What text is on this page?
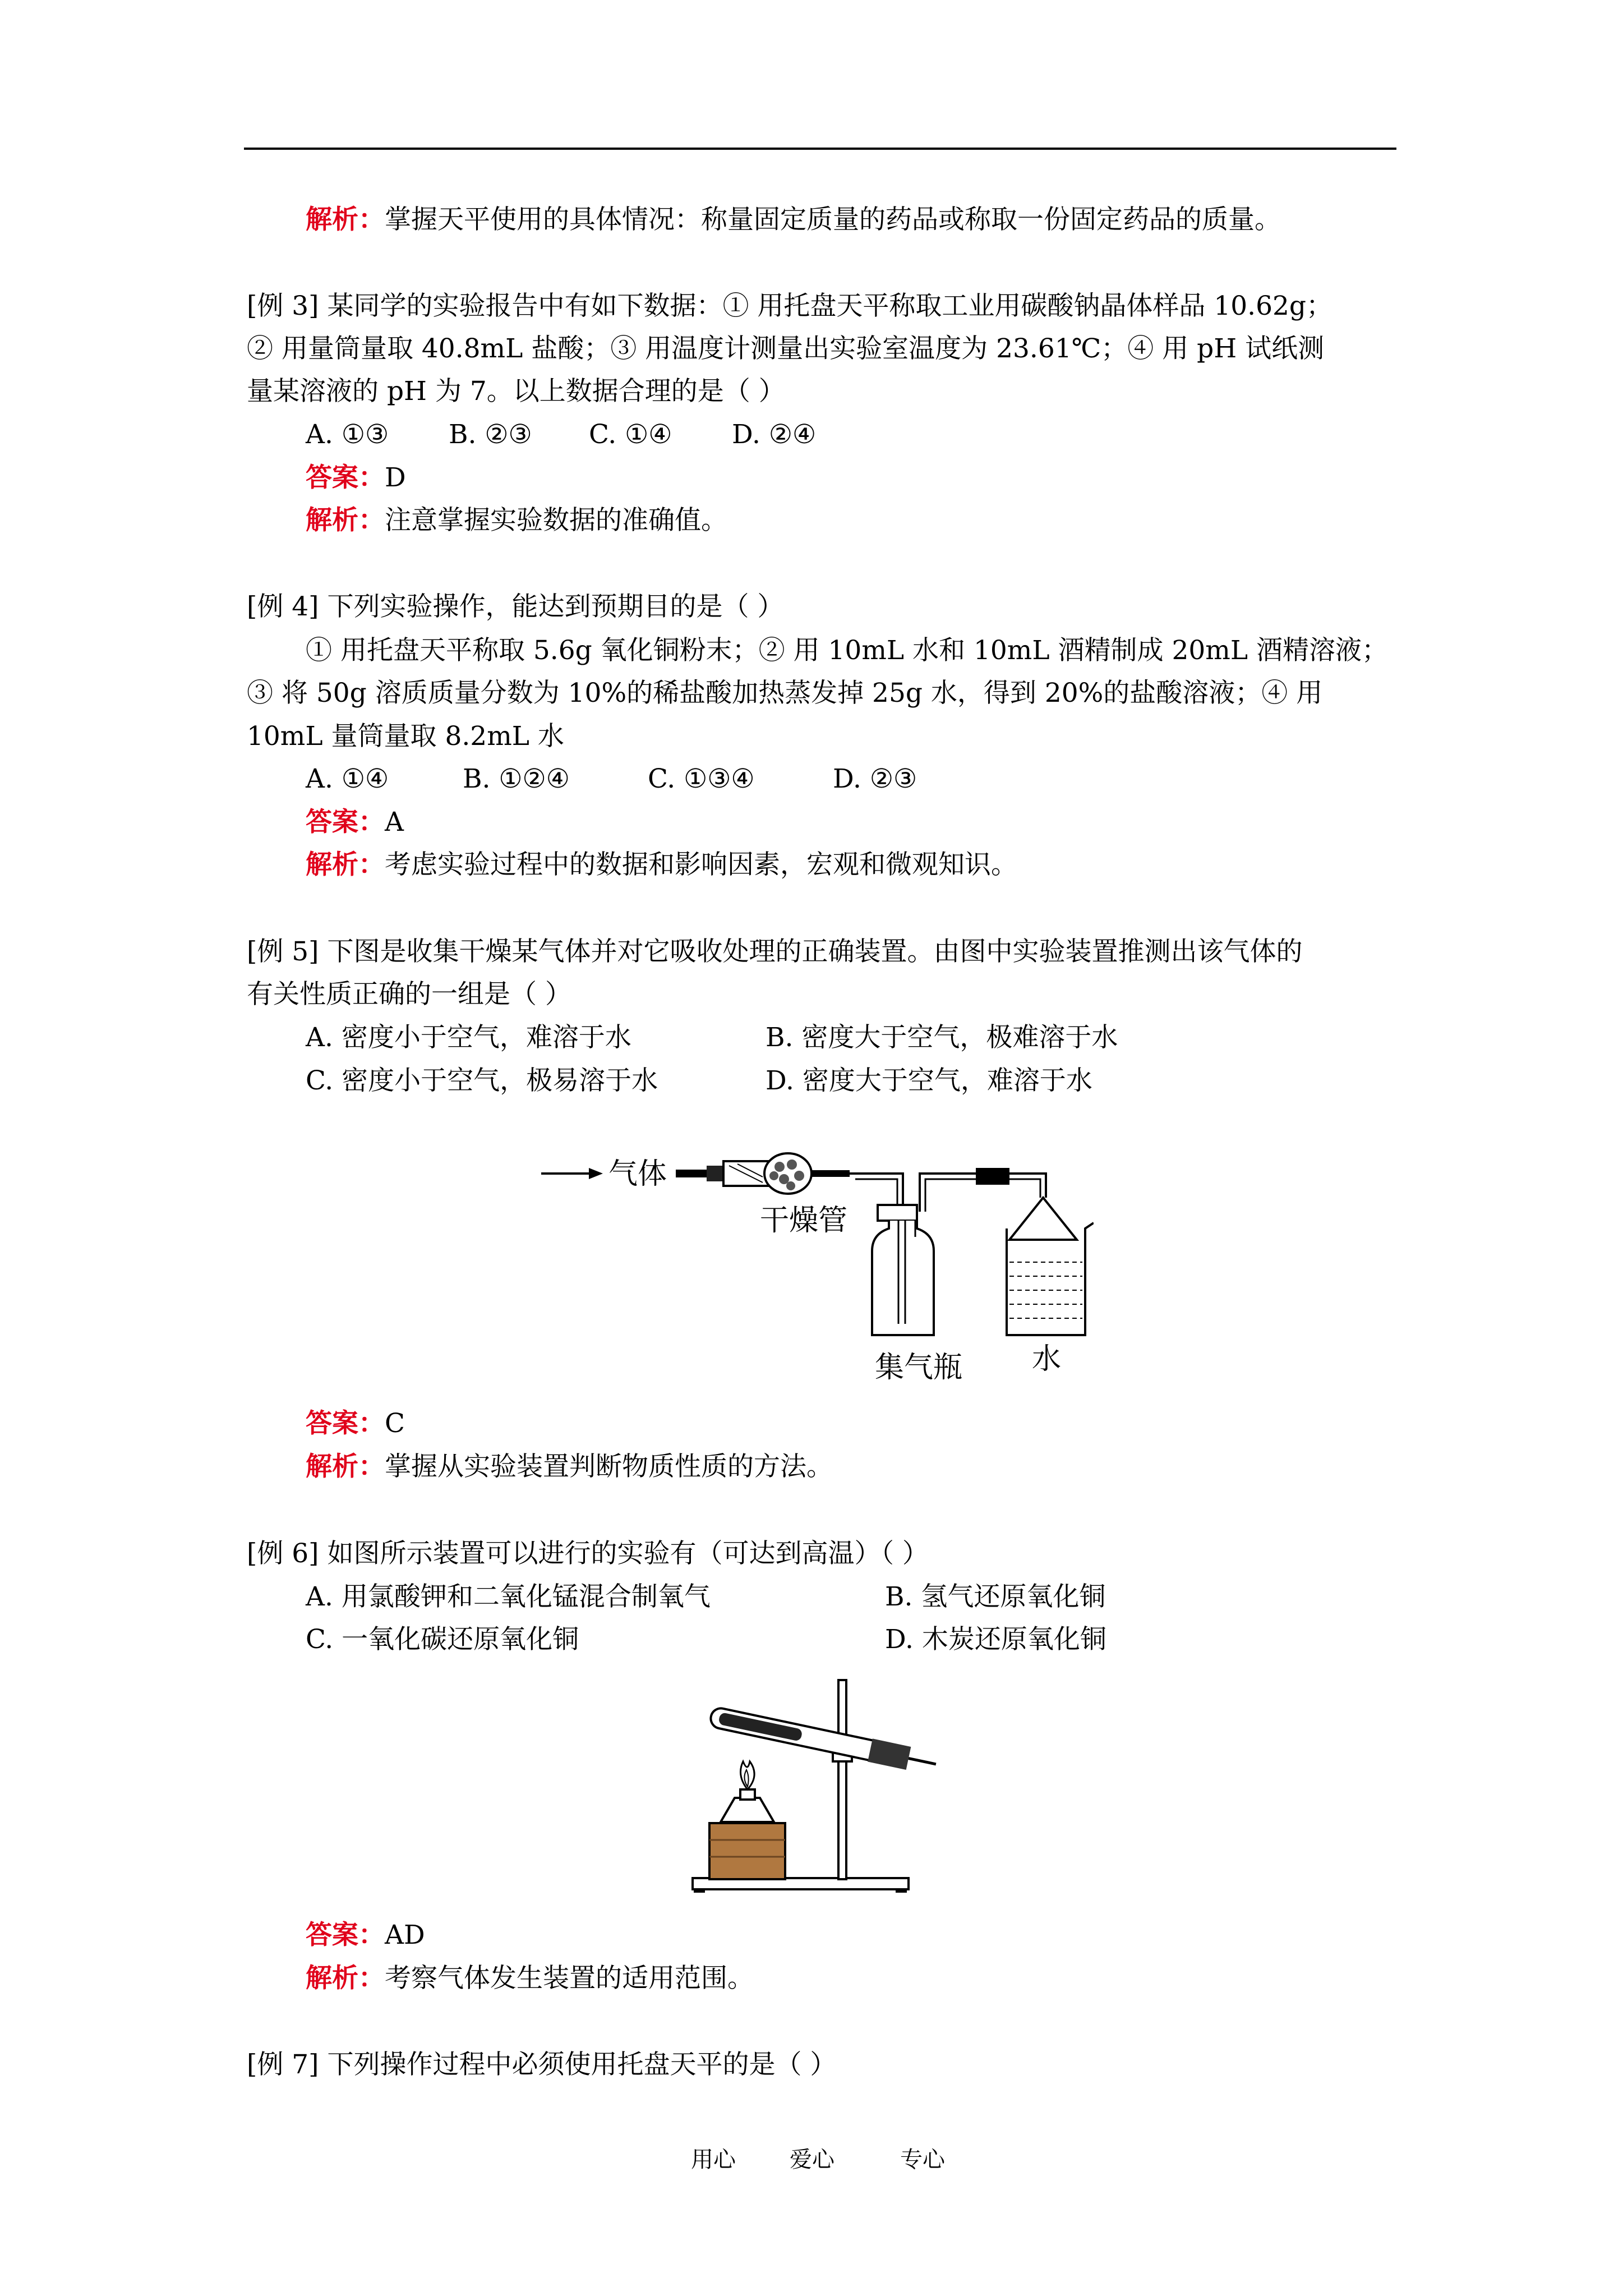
解析：掌握天平使用的具体情况：称量固定质量的药品或称取一份固定药品的质量。
[例 3] 某同学的实验报告中有如下数据：① 用托盘天平称取工业用碳酸钠晶体样品 10.62g；
② 用量筒量取 40.8mL 盐酸；③ 用温度计测量出实验室温度为 23.61℃；④ 用 pH 试纸测
量某溶液的 pH 为 7。以上数据合理的是（ ）
A. ①③ B. ②③ C. ①④ D. ②④
答案：D
解析：注意掌握实验数据的准确值。
[例 4] 下列实验操作，能达到预期目的是（ ）
① 用托盘天平称取 5.6g 氧化铜粉末；② 用 10mL 水和 10mL 酒精制成 20mL 酒精溶液；
③ 将 50g 溶质质量分数为 10%的稀盐酸加热蒸发掉 25g 水，得到 20%的盐酸溶液；④ 用
10mL 量筒量取 8.2mL 水
A. ①④	B. ①②④	C. ①③④	D. ②③
答案：A
解析：考虑实验过程中的数据和影响因素，宏观和微观知识。
[例 5] 下图是收集干燥某气体并对它吸收处理的正确装置。由图中实验装置推测出该气体的
有关性质正确的一组是（ ）
A. 密度小于空气，难溶于水	B. 密度大于空气，极难溶于水
C. 密度小于空气，极易溶于水	D. 密度大于空气，难溶于水
气体
干燥管
集气瓶 水
答案：C
解析：掌握从实验装置判断物质性质的方法。
[例 6] 如图所示装置可以进行的实验有（可达到高温）（ ）
A. 用氯酸钾和二氧化锰混合制氧气	B. 氢气还原氧化铜
C. 一氧化碳还原氧化铜	D. 木炭还原氧化铜
答案：AD
解析：考察气体发生装置的适用范围。
[例 7] 下列操作过程中必须使用托盘天平的是（ ）
用心 爱心	专心
